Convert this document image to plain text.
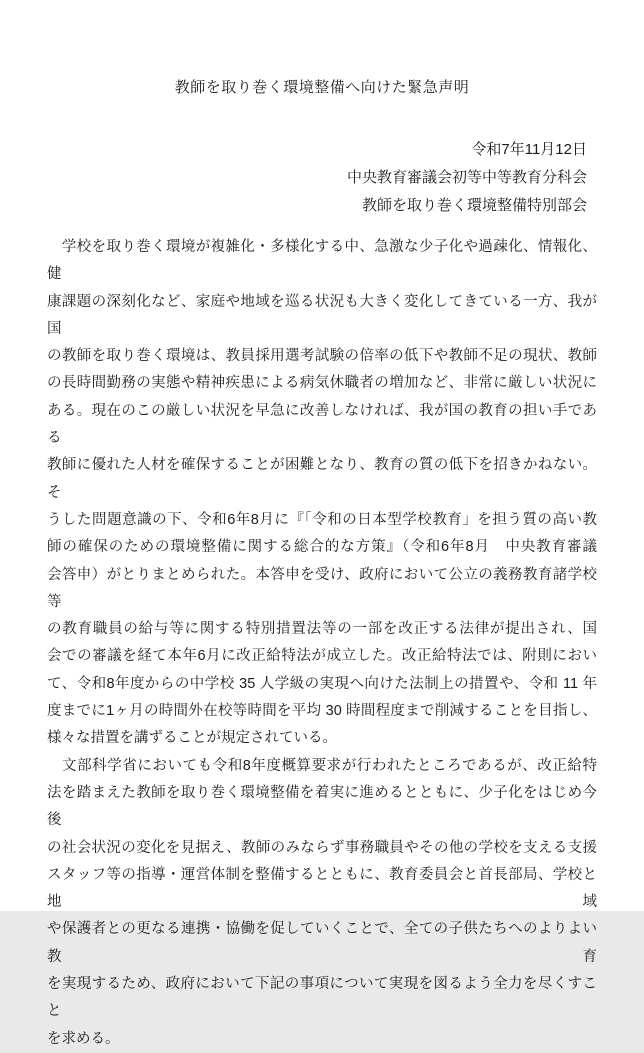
教師を取り巻く環境整備へ向けた緊急声明
令和7年11月12日
中央教育審議会初等中等教育分科会
教師を取り巻く環境整備特別部会
　学校を取り巻く環境が複雑化・多様化する中、急激な少子化や過疎化、情報化、健
康課題の深刻化など、家庭や地域を巡る状況も大きく変化してきている一方、我が国
の教師を取り巻く環境は、教員採用選考試験の倍率の低下や教師不足の現状、教師
の長時間勤務の実態や精神疾患による病気休職者の増加など、非常に厳しい状況に
ある。現在のこの厳しい状況を早急に改善しなければ、我が国の教育の担い手である
教師に優れた人材を確保することが困難となり、教育の質の低下を招きかねない。そ
うした問題意識の下、令和6年8月に『「令和の日本型学校教育」を担う質の高い教
師の確保のための環境整備に関する総合的な方策』（令和6年8月　中央教育審議
会答申）がとりまとめられた。本答申を受け、政府において公立の義務教育諸学校等
の教育職員の給与等に関する特別措置法等の一部を改正する法律が提出され、国
会での審議を経て本年6月に改正給特法が成立した。改正給特法では、附則におい
て、令和8年度からの中学校 35 人学級の実現へ向けた法制上の措置や、令和 11 年
度までに1ヶ月の時間外在校等時間を平均 30 時間程度まで削減することを目指し、
様々な措置を講ずることが規定されている。
　文部科学省においても令和8年度概算要求が行われたところであるが、改正給特
法を踏まえた教師を取り巻く環境整備を着実に進めるとともに、少子化をはじめ今後
の社会状況の変化を見据え、教師のみならず事務職員やその他の学校を支える支援
スタッフ等の指導・運営体制を整備するとともに、教育委員会と首長部局、学校と地域
や保護者との更なる連携・協働を促していくことで、全ての子供たちへのよりよい教育
を実現するため、政府において下記の事項について実現を図るよう全力を尽くすこと
を求める。
